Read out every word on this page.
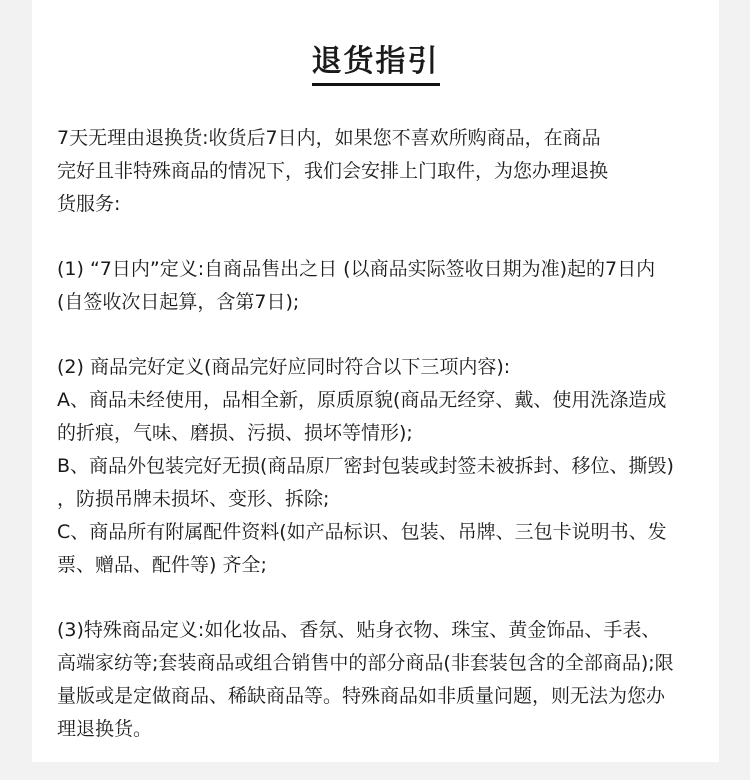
退货指引
7天无理由退换货:收货后7日内，如果您不喜欢所购商品，在商品
完好且非特殊商品的情况下，我们会安排上门取件，为您办理退换
货服务:
(1) “7日内”定义:自商品售出之日 (以商品实际签收日期为准)起的7日内
(自签收次日起算，含第7日);
(2) 商品完好定义(商品完好应同时符合以下三项内容):
A、商品未经使用，品相全新，原质原貌(商品无经穿、戴、使用洗涤造成
的折痕，气味、磨损、污损、损坏等情形);
B、商品外包装完好无损(商品原厂密封包装或封签未被拆封、移位、撕毁)
，防损吊牌未损坏、变形、拆除;
C、商品所有附属配件资料(如产品标识、包装、吊牌、三包卡说明书、发
票、赠品、配件等) 齐全;
(3)特殊商品定义:如化妆品、香氛、贴身衣物、珠宝、黄金饰品、手表、
高端家纺等;套装商品或组合销售中的部分商品(非套装包含的全部商品);限
量版或是定做商品、稀缺商品等。特殊商品如非质量问题，则无法为您办
理退换货。
